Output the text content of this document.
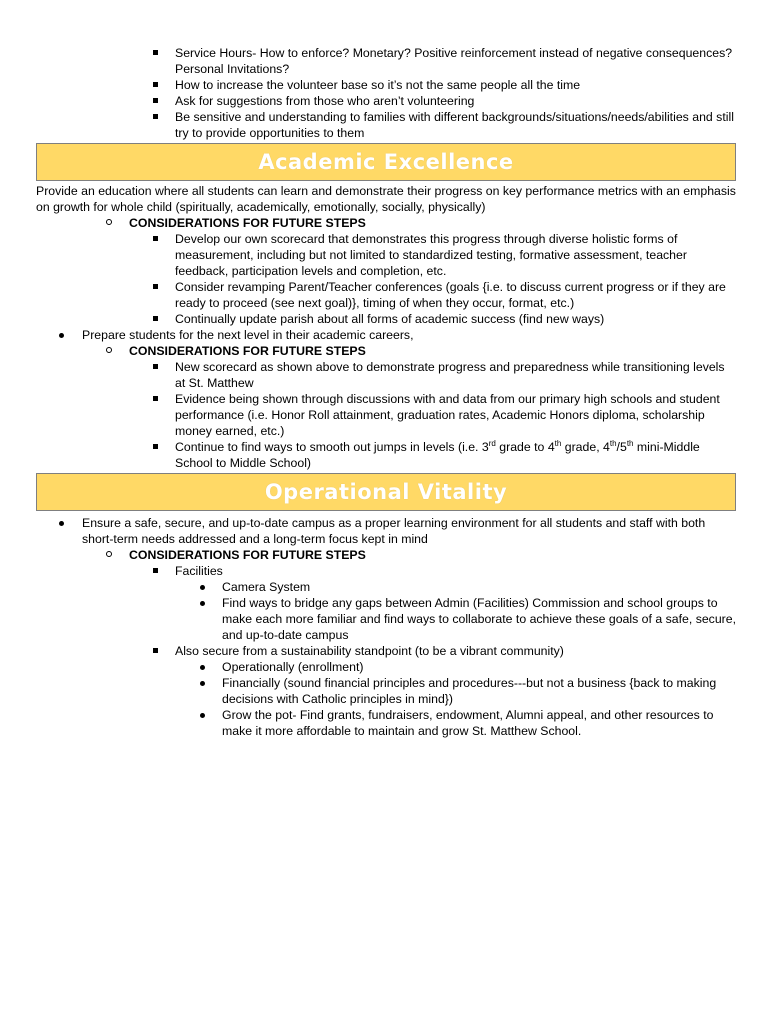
Service Hours- How to enforce? Monetary? Positive reinforcement instead of negative consequences? Personal Invitations?
How to increase the volunteer base so it’s not the same people all the time
Ask for suggestions from those who aren’t volunteering
Be sensitive and understanding to families with different backgrounds/situations/needs/abilities and still try to provide opportunities to them
Academic Excellence
Provide an education where all students can learn and demonstrate their progress on key performance metrics with an emphasis on growth for whole child (spiritually, academically, emotionally, socially, physically)
CONSIDERATIONS FOR FUTURE STEPS
Develop our own scorecard that demonstrates this progress through diverse holistic forms of measurement, including but not limited to standardized testing, formative assessment, teacher feedback, participation levels and completion, etc.
Consider revamping Parent/Teacher conferences (goals {i.e. to discuss current progress or if they are ready to proceed (see next goal)}, timing of when they occur, format, etc.)
Continually update parish about all forms of academic success (find new ways)
Prepare students for the next level in their academic careers,
CONSIDERATIONS FOR FUTURE STEPS
New scorecard as shown above to demonstrate progress and preparedness while transitioning levels at St. Matthew
Evidence being shown through discussions with and data from our primary high schools and student performance (i.e. Honor Roll attainment, graduation rates, Academic Honors diploma, scholarship money earned, etc.)
Continue to find ways to smooth out jumps in levels (i.e. 3rd grade to 4th grade, 4th/5th mini-Middle School to Middle School)
Operational Vitality
Ensure a safe, secure, and up-to-date campus as a proper learning environment for all students and staff with both short-term needs addressed and a long-term focus kept in mind
CONSIDERATIONS FOR FUTURE STEPS
Facilities
Camera System
Find ways to bridge any gaps between Admin (Facilities) Commission and school groups to make each more familiar and find ways to collaborate to achieve these goals of a safe, secure, and up-to-date campus
Also secure from a sustainability standpoint (to be a vibrant community)
Operationally (enrollment)
Financially (sound financial principles and procedures---but not a business {back to making decisions with Catholic principles in mind})
Grow the pot- Find grants, fundraisers, endowment, Alumni appeal, and other resources to make it more affordable to maintain and grow St. Matthew School.
